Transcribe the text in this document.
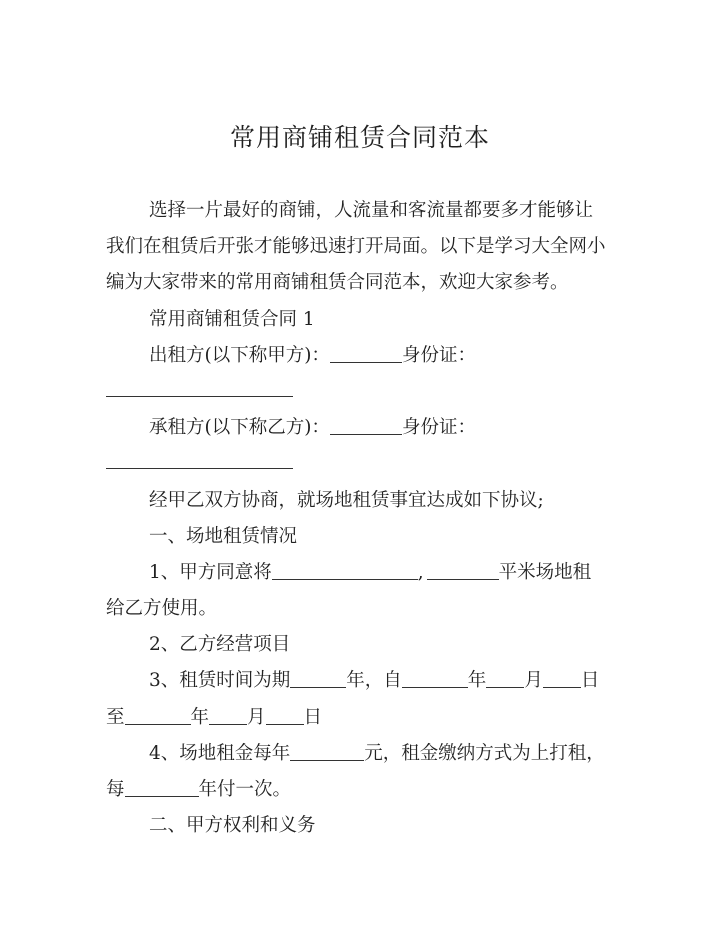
常用商铺租赁合同范本
选择一片最好的商铺，人流量和客流量都要多才能够让
我们在租赁后开张才能够迅速打开局面。以下是学习大全网小
编为大家带来的常用商铺租赁合同范本，欢迎大家参考。
常用商铺租赁合同 1
出租方(以下称甲方)：	身份证：
承租方(以下称乙方)：	身份证：
经甲乙双方协商，就场地租赁事宜达成如下协议;
一、场地租赁情况
1、甲方同意将	,	平米场地租
给乙方使用。
2、乙方经营项目
3、租赁时间为期	年，自	年 月 日
至	年 月 日
4、场地租金每年	元，租金缴纳方式为上打租，
每	年付一次。
二、甲方权利和义务
